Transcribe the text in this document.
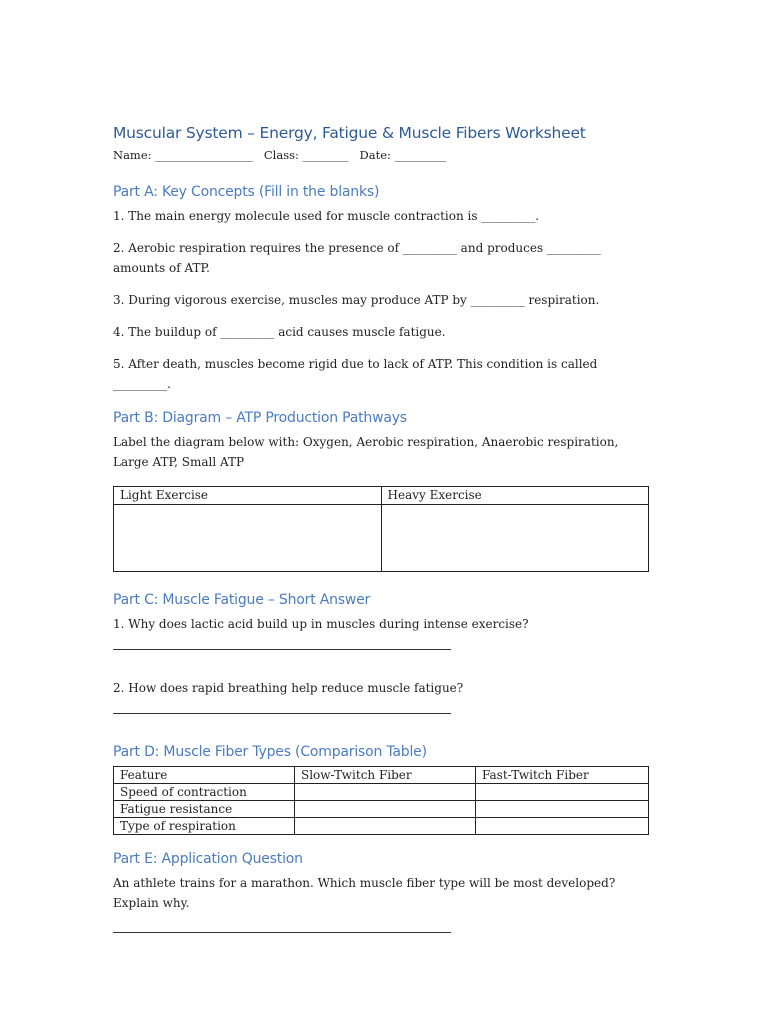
Muscular System – Energy, Fatigue & Muscle Fibers Worksheet

Name: _________________   Class: ________   Date: _________

Part A: Key Concepts (Fill in the blanks)

1. The main energy molecule used for muscle contraction is _________.

2. Aerobic respiration requires the presence of _________ and produces _________ amounts of ATP.

3. During vigorous exercise, muscles may produce ATP by _________ respiration.

4. The buildup of _________ acid causes muscle fatigue.

5. After death, muscles become rigid due to lack of ATP. This condition is called _________.

Part B: Diagram – ATP Production Pathways

Label the diagram below with: Oxygen, Aerobic respiration, Anaerobic respiration, Large ATP, Small ATP

Light Exercise	Heavy Exercise

Part C: Muscle Fatigue – Short Answer

1. Why does lactic acid build up in muscles during intense exercise?

2. How does rapid breathing help reduce muscle fatigue?

Part D: Muscle Fiber Types (Comparison Table)
Feature	Slow-Twitch Fiber	Fast-Twitch Fiber
Speed of contraction		
Fatigue resistance		
Type of respiration		
Part E: Application Question

An athlete trains for a marathon. Which muscle fiber type will be most developed? Explain why.
